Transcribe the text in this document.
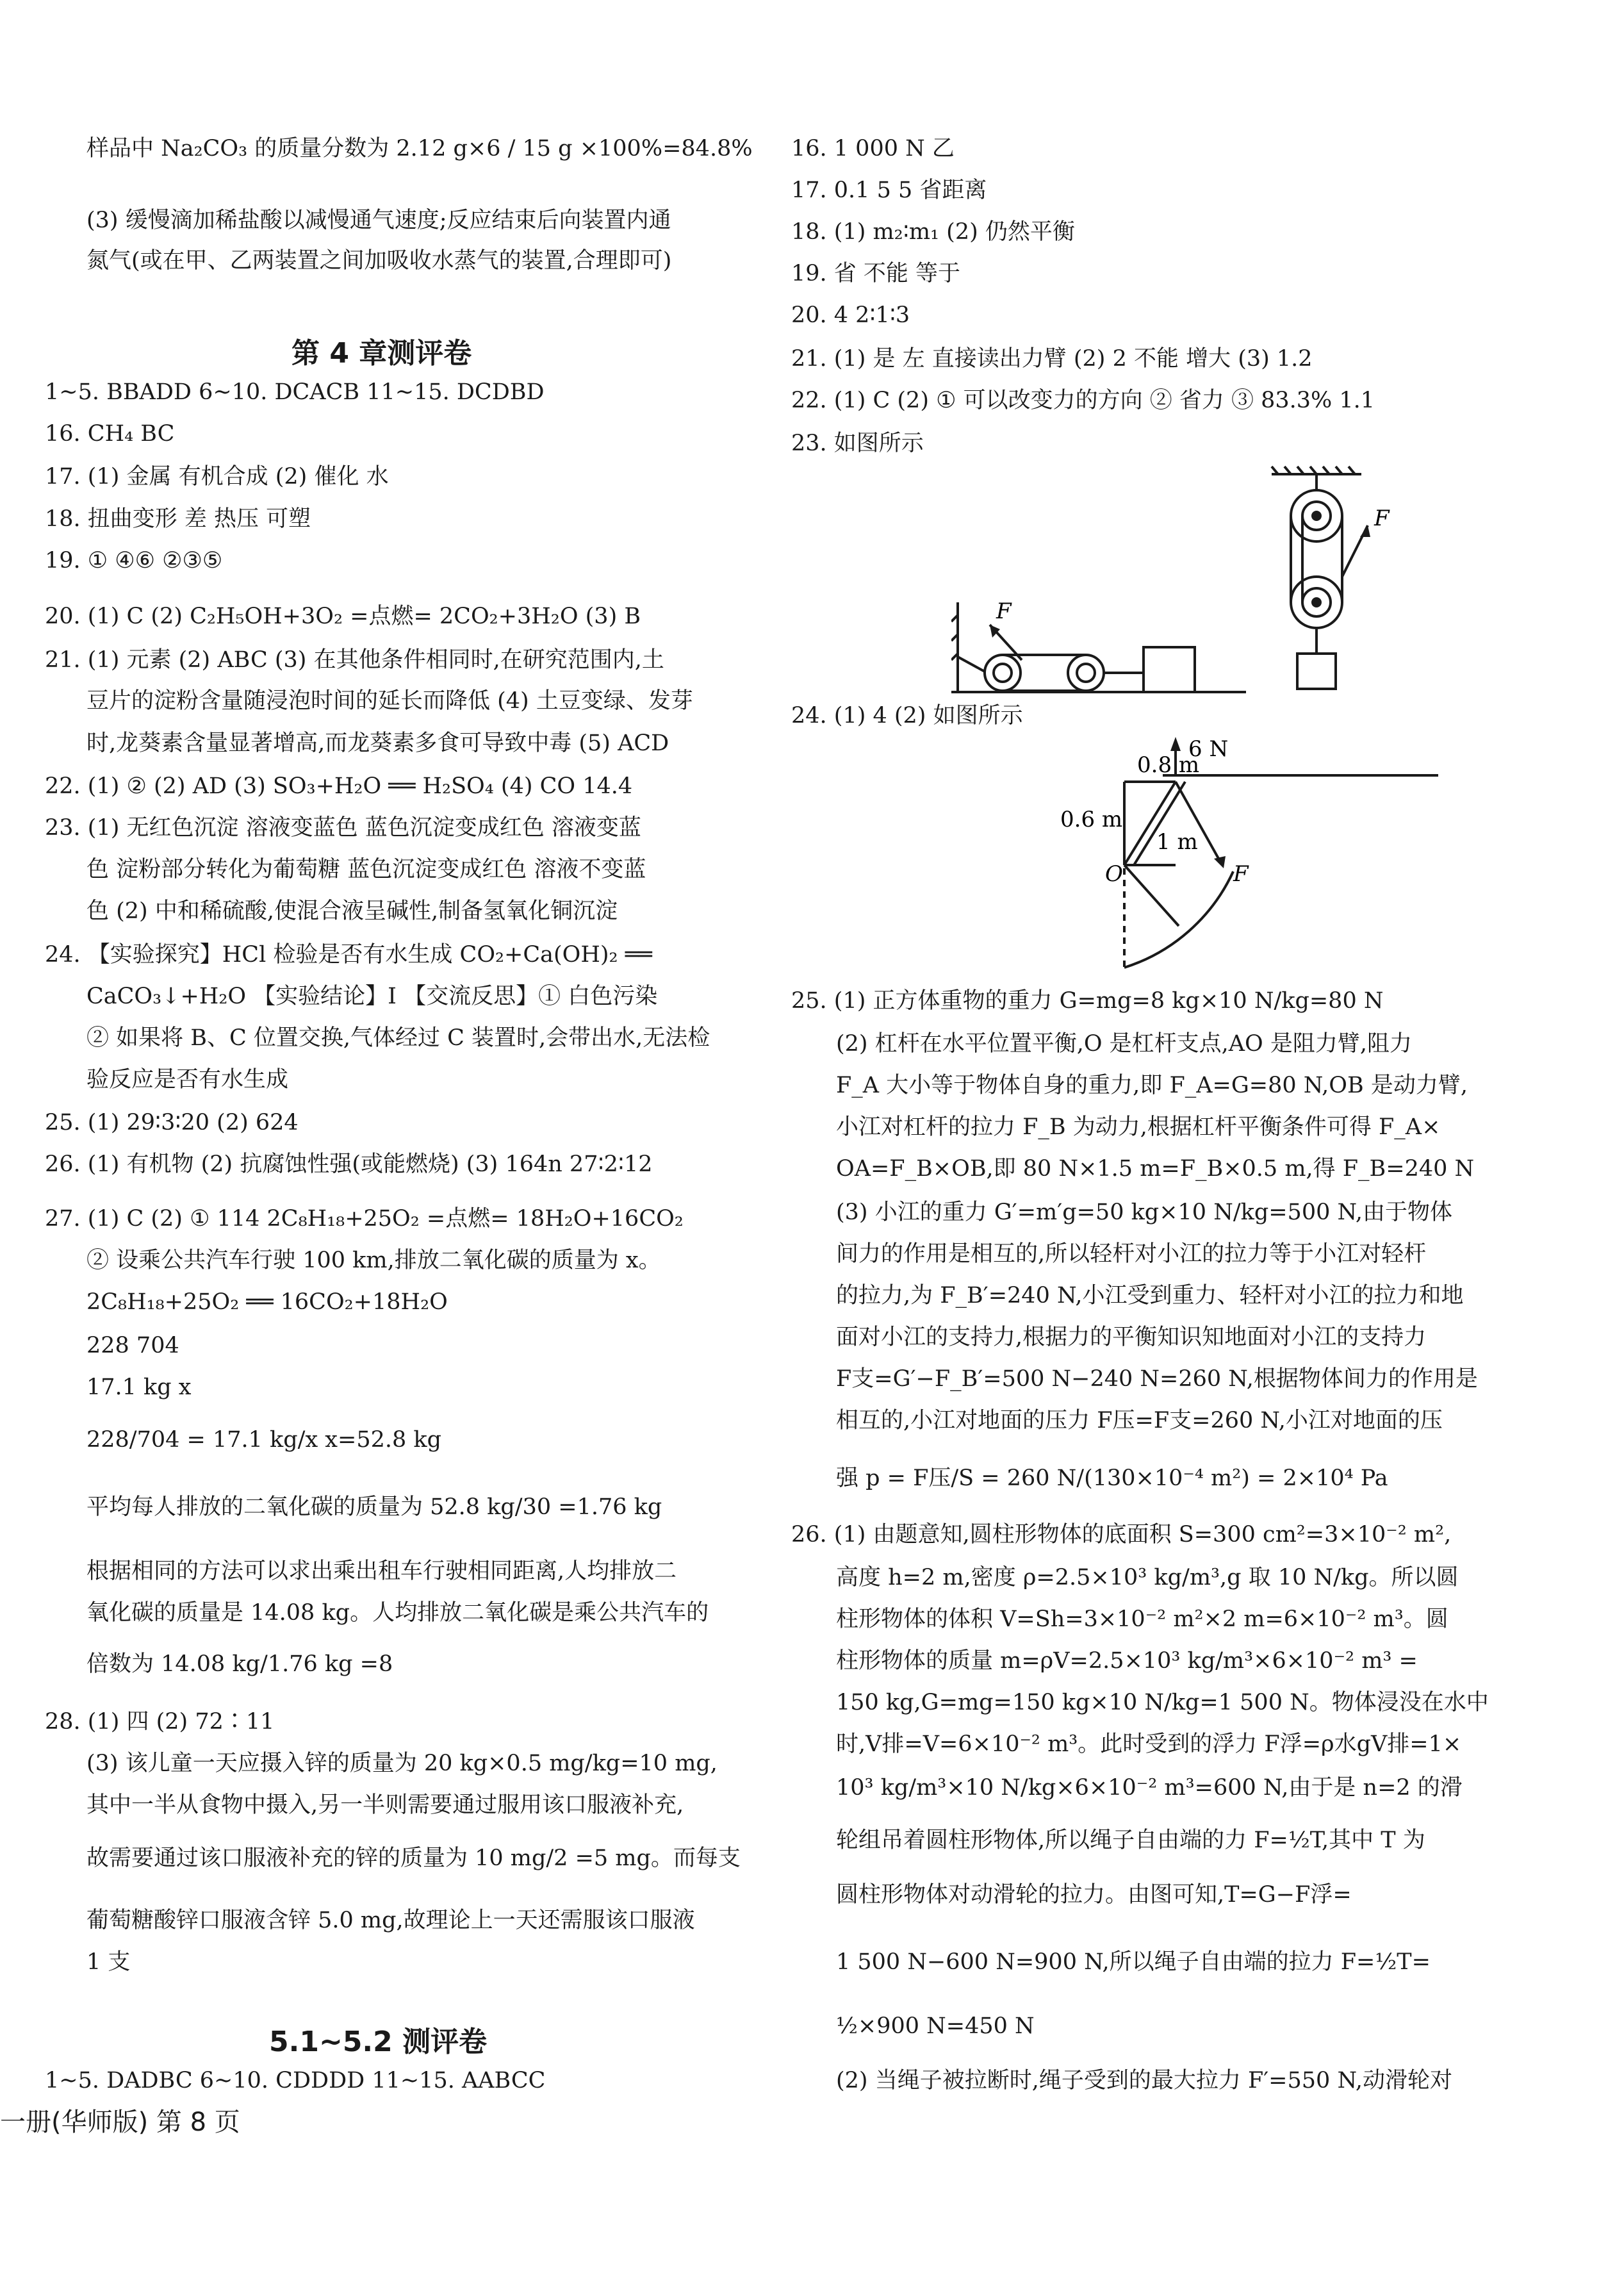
样品中 Na₂CO₃ 的质量分数为 2.12 g×6 / 15 g ×100%=84.8%
(3) 缓慢滴加稀盐酸以减慢通气速度;反应结束后向装置内通
氮气(或在甲、乙两装置之间加吸收水蒸气的装置,合理即可)
第 4 章测评卷
1~5. BBADD 6~10. DCACB 11~15. DCDBD
16. CH₄ BC
17. (1) 金属 有机合成 (2) 催化 水
18. 扭曲变形 差 热压 可塑
19. ① ④⑥ ②③⑤
20. (1) C (2) C₂H₅OH+3O₂ =点燃= 2CO₂+3H₂O (3) B
21. (1) 元素 (2) ABC (3) 在其他条件相同时,在研究范围内,土
豆片的淀粉含量随浸泡时间的延长而降低 (4) 土豆变绿、发芽
时,龙葵素含量显著增高,而龙葵素多食可导致中毒 (5) ACD
22. (1) ② (2) AD (3) SO₃+H₂O ══ H₂SO₄ (4) CO 14.4
23. (1) 无红色沉淀 溶液变蓝色 蓝色沉淀变成红色 溶液变蓝
色 淀粉部分转化为葡萄糖 蓝色沉淀变成红色 溶液不变蓝
色 (2) 中和稀硫酸,使混合液呈碱性,制备氢氧化铜沉淀
24. 【实验探究】HCl 检验是否有水生成 CO₂+Ca(OH)₂ ══
CaCO₃↓+H₂O 【实验结论】Ⅰ 【交流反思】① 白色污染
② 如果将 B、C 位置交换,气体经过 C 装置时,会带出水,无法检
验反应是否有水生成
25. (1) 29∶3∶20 (2) 624
26. (1) 有机物 (2) 抗腐蚀性强(或能燃烧) (3) 164n 27∶2∶12
27. (1) C (2) ① 114 2C₈H₁₈+25O₂ =点燃= 18H₂O+16CO₂
② 设乘公共汽车行驶 100 km,排放二氧化碳的质量为 x。
2C₈H₁₈+25O₂ ══ 16CO₂+18H₂O
228 704
17.1 kg x
228/704 = 17.1 kg/x x=52.8 kg
平均每人排放的二氧化碳的质量为 52.8 kg/30 =1.76 kg
根据相同的方法可以求出乘出租车行驶相同距离,人均排放二
氧化碳的质量是 14.08 kg。人均排放二氧化碳是乘公共汽车的
倍数为 14.08 kg/1.76 kg =8
28. (1) 四 (2) 72∶11
(3) 该儿童一天应摄入锌的质量为 20 kg×0.5 mg/kg=10 mg,
其中一半从食物中摄入,另一半则需要通过服用该口服液补充,
故需要通过该口服液补充的锌的质量为 10 mg/2 =5 mg。而每支
葡萄糖酸锌口服液含锌 5.0 mg,故理论上一天还需服该口服液
1 支
5.1~5.2 测评卷
1~5. DADBC 6~10. CDDDD 11~15. AABCC
一册(华师版) 第 8 页
16. 1 000 N 乙
17. 0.1 5 5 省距离
18. (1) m₂∶m₁ (2) 仍然平衡
19. 省 不能 等于
20. 4 2∶1∶3
21. (1) 是 左 直接读出力臂 (2) 2 不能 增大 (3) 1.2
22. (1) C (2) ① 可以改变力的方向 ② 省力 ③ 83.3% 1.1
23. 如图所示
F
F
24. (1) 4 (2) 如图所示
6 N
0.8 m
0.6 m
1 m
O	F
25. (1) 正方体重物的重力 G=mg=8 kg×10 N/kg=80 N
(2) 杠杆在水平位置平衡,O 是杠杆支点,AO 是阻力臂,阻力
F_A 大小等于物体自身的重力,即 F_A=G=80 N,OB 是动力臂,
小江对杠杆的拉力 F_B 为动力,根据杠杆平衡条件可得 F_A×
OA=F_B×OB,即 80 N×1.5 m=F_B×0.5 m,得 F_B=240 N
(3) 小江的重力 G′=m′g=50 kg×10 N/kg=500 N,由于物体
间力的作用是相互的,所以轻杆对小江的拉力等于小江对轻杆
的拉力,为 F_B′=240 N,小江受到重力、轻杆对小江的拉力和地
面对小江的支持力,根据力的平衡知识知地面对小江的支持力
F支=G′−F_B′=500 N−240 N=260 N,根据物体间力的作用是
相互的,小江对地面的压力 F压=F支=260 N,小江对地面的压
强 p = F压/S = 260 N/(130×10⁻⁴ m²) = 2×10⁴ Pa
26. (1) 由题意知,圆柱形物体的底面积 S=300 cm²=3×10⁻² m²,
高度 h=2 m,密度 ρ=2.5×10³ kg/m³,g 取 10 N/kg。所以圆
柱形物体的体积 V=Sh=3×10⁻² m²×2 m=6×10⁻² m³。圆
柱形物体的质量 m=ρV=2.5×10³ kg/m³×6×10⁻² m³ =
150 kg,G=mg=150 kg×10 N/kg=1 500 N。物体浸没在水中
时,V排=V=6×10⁻² m³。此时受到的浮力 F浮=ρ水gV排=1×
10³ kg/m³×10 N/kg×6×10⁻² m³=600 N,由于是 n=2 的滑
轮组吊着圆柱形物体,所以绳子自由端的力 F=½T,其中 T 为
圆柱形物体对动滑轮的拉力。由图可知,T=G−F浮=
1 500 N−600 N=900 N,所以绳子自由端的拉力 F=½T=
½×900 N=450 N
(2) 当绳子被拉断时,绳子受到的最大拉力 F′=550 N,动滑轮对
